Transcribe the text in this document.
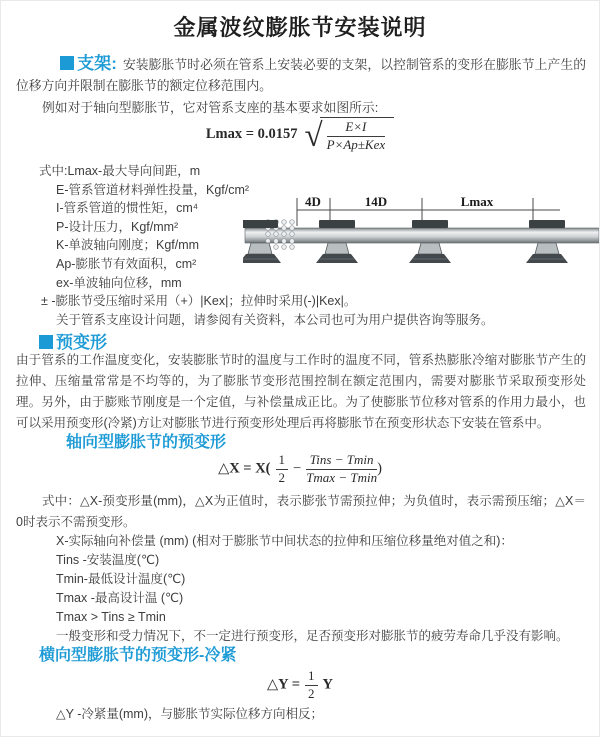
金属波纹膨胀节安装说明

支架: 安装膨胀节时必须在管系上安装必要的支架，以控制管系的变形在膨胀节上产生的位移方向并限制在膨胀节的额定位移范围内。

例如对于轴向型膨胀节，它对管系支座的基本要求如图所示:

Lmax = 0.0157 √ $\frac{E\times I}{\text{P×Ap±Kex}}$
式中:Lmax-最大导向间距，m
E-管系管道材料弹性投量，Kgf/cm²
I-管系管道的惯性矩，cm⁴
P-设计压力，Kgf/mm²
K-单波轴向刚度；Kgf/mm
Ap-膨胀节有效面积，cm²
ex-单波轴向位移，mm
± -膨胀节受压缩时采用（+）|Kex|；拉伸时采用(-)|Kex|。
关于管系支座设计问题，请参阅有关资料，本公司也可为用户提供咨询等服务。
4D	14D	Lmax
预变形

由于管系的工作温度变化，安装膨胀节时的温度与工作时的温度不同，管系热膨胀冷缩对膨胀节产生的拉伸、压缩量常常是不均等的，为了膨胀节变形范围控制在额定范围内，需要对膨胀节采取预变形处理。另外，由于膨账节刚度是一个定值，与补偿量成正比。为了使膨胀节位移对管系的作用力最小，也可以采用预变形(冷紧)方让对膨胀节进行预变形处理后再将膨胀节在预变形状态下安装在管系中。

轴向型膨胀节的预变形
△X = $X( \frac{1}{2} - \frac{\text{Tins − Tmin}}{Tmax - Tmin}$ )

式中：△X-预变形量(mm)，△X为正值时，表示膨张节需预拉伸；为负值时，表示需预压缩；△X＝0时表示不需预变形。

X-实际轴向补偿量 (mm) (相对于膨胀节中间状态的拉伸和压缩位移量绝对值之和)：

Tins -安装温度(℃)

Tmin-最低设计温度(℃)

Tmax -最高设计温 (℃)

Tmax > Tins ≥ Tmin

一般变形和受力情况下，不一定进行预变形，足否预变形对膨胀节的疲劳寿命几乎没有影响。

横向型膨胀节的预变形-冷紧
△Y = $\frac{1}{2}$ Y

△Y -冷紧量(mm)，与膨胀节实际位移方向相反；
